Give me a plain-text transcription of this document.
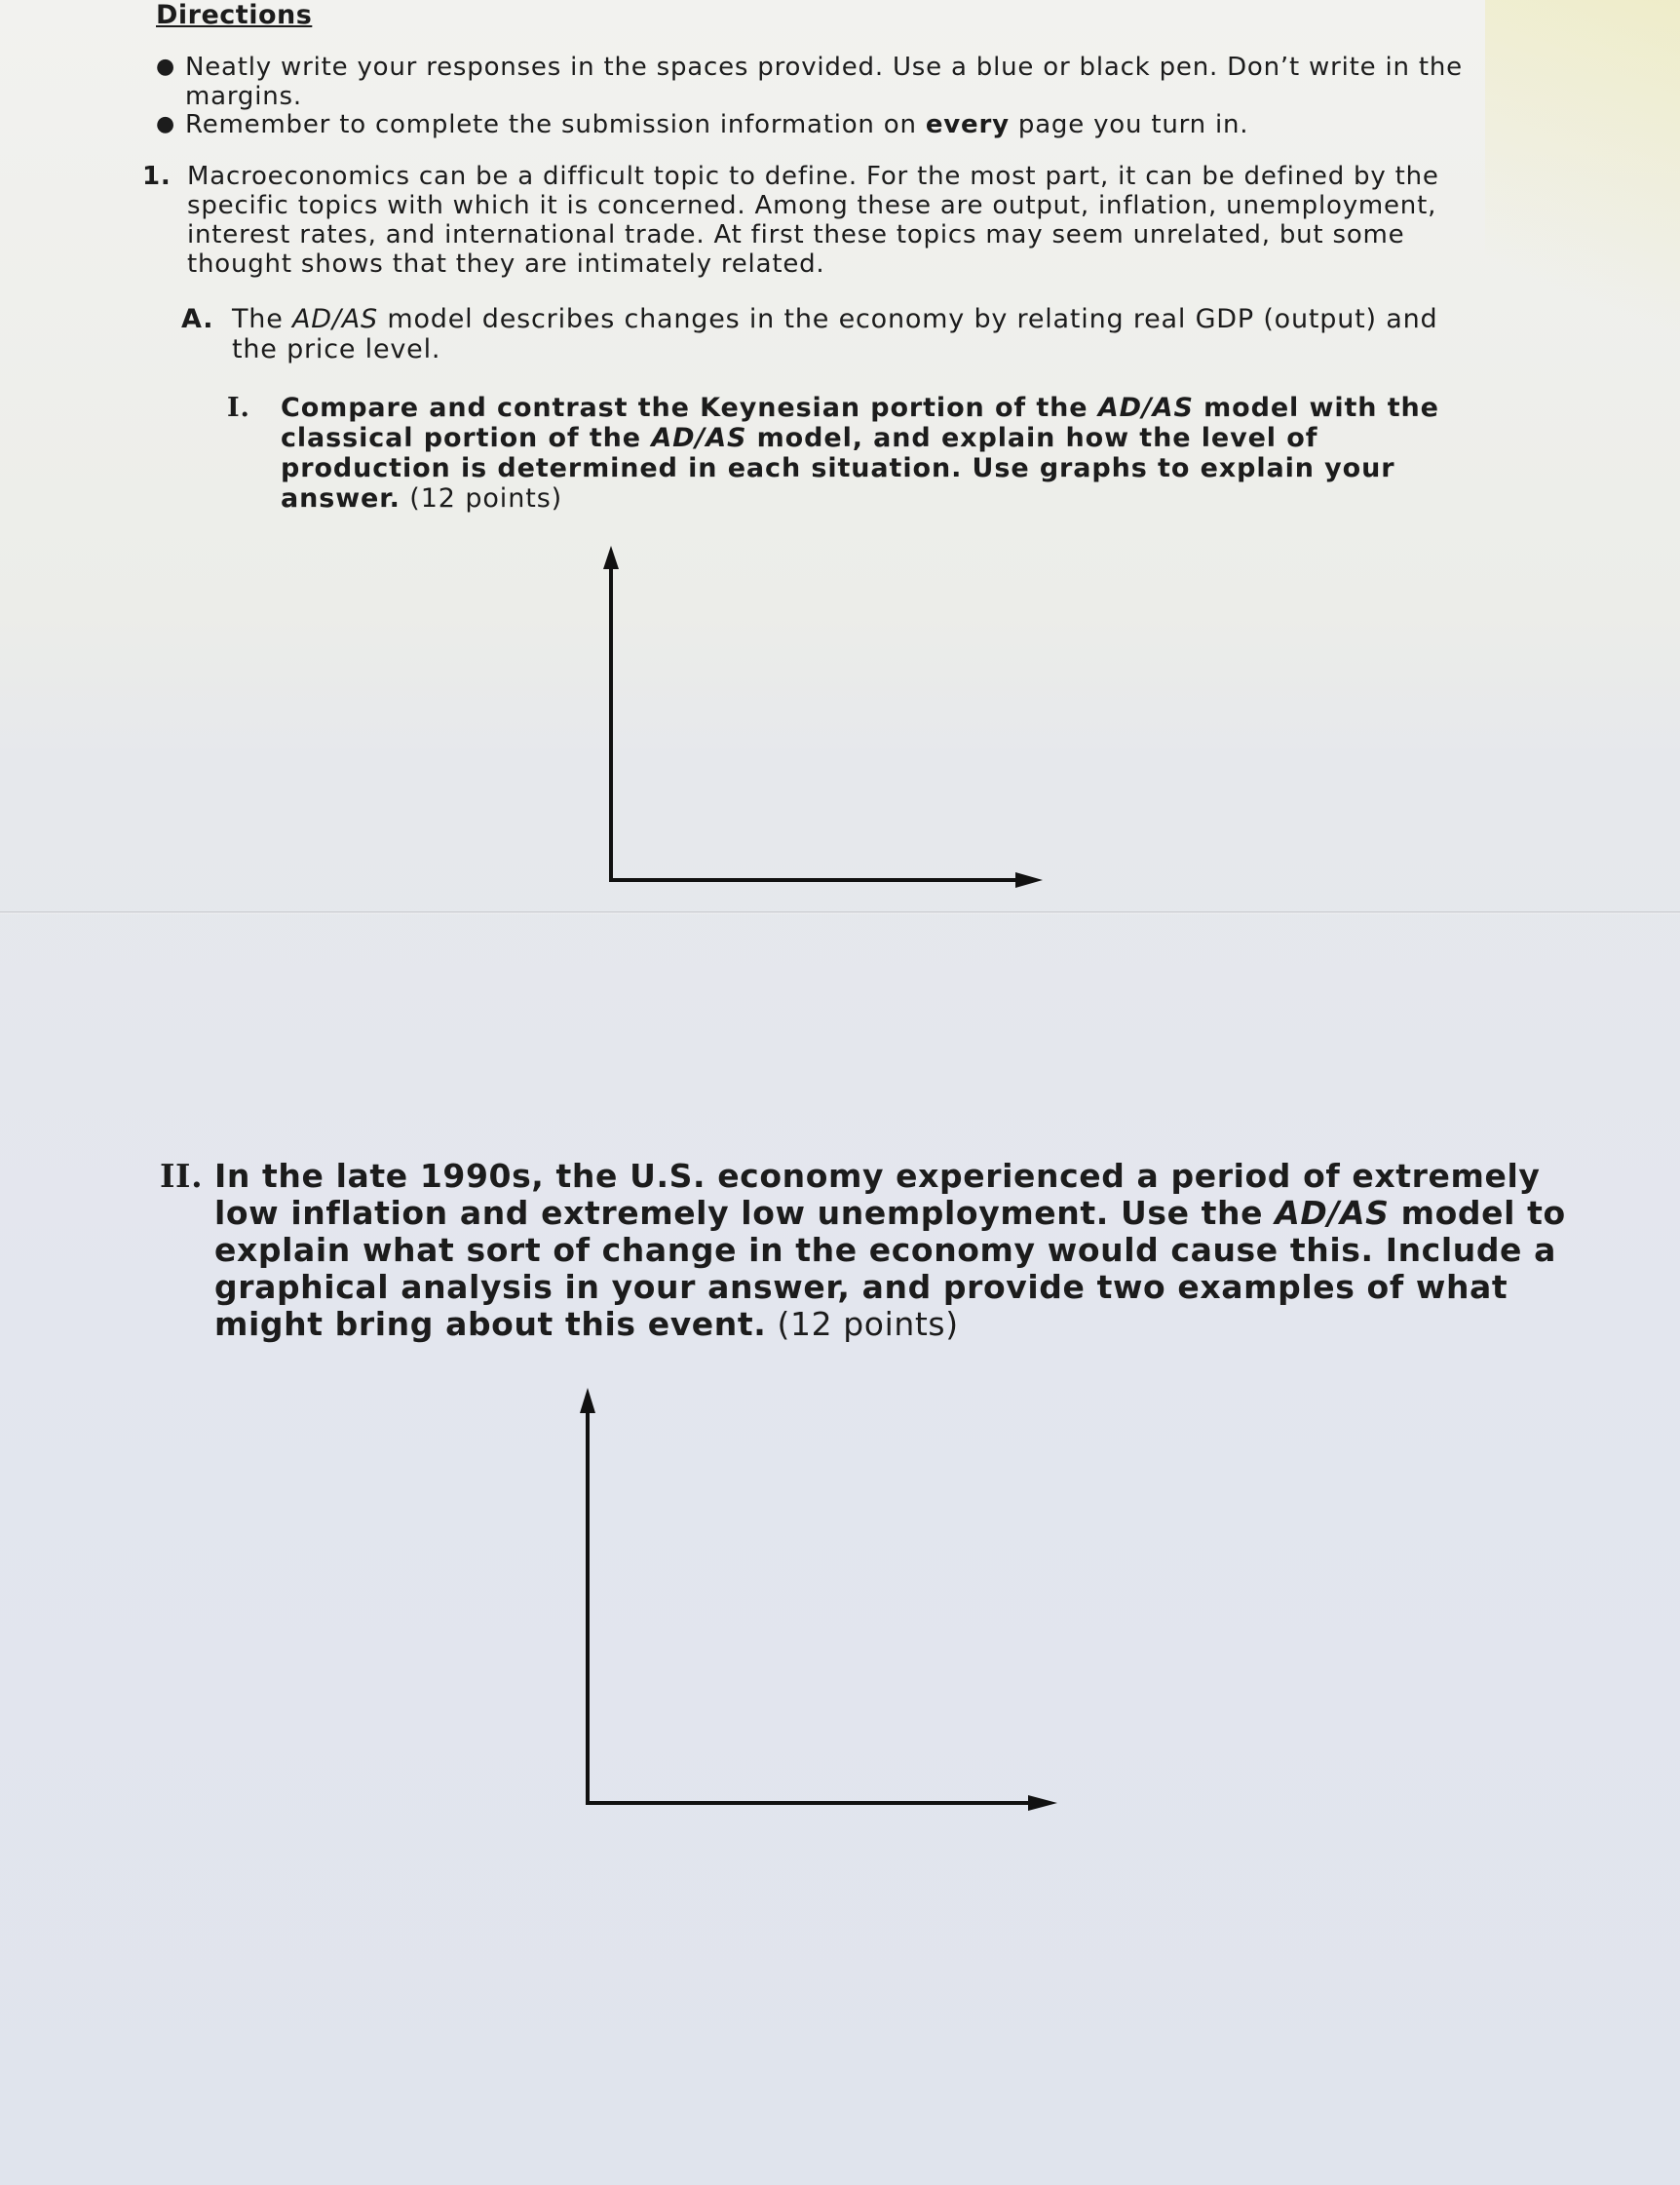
Directions
● Neatly write your responses in the spaces provided. Use a blue or black pen. Don’t write in the margins.
● Remember to complete the submission information on every page you turn in.
1. Macroeconomics can be a difficult topic to define. For the most part, it can be defined by the specific topics with which it is concerned. Among these are output, inflation, unemployment, interest rates, and international trade. At first these topics may seem unrelated, but some thought shows that they are intimately related.
A. The AD/AS model describes changes in the economy by relating real GDP (output) and the price level.
I. Compare and contrast the Keynesian portion of the AD/AS model with the classical portion of the AD/AS model, and explain how the level of production is determined in each situation. Use graphs to explain your answer. (12 points)
II. In the late 1990s, the U.S. economy experienced a period of extremely low inflation and extremely low unemployment. Use the AD/AS model to explain what sort of change in the economy would cause this. Include a graphical analysis in your answer, and provide two examples of what might bring about this event. (12 points)
